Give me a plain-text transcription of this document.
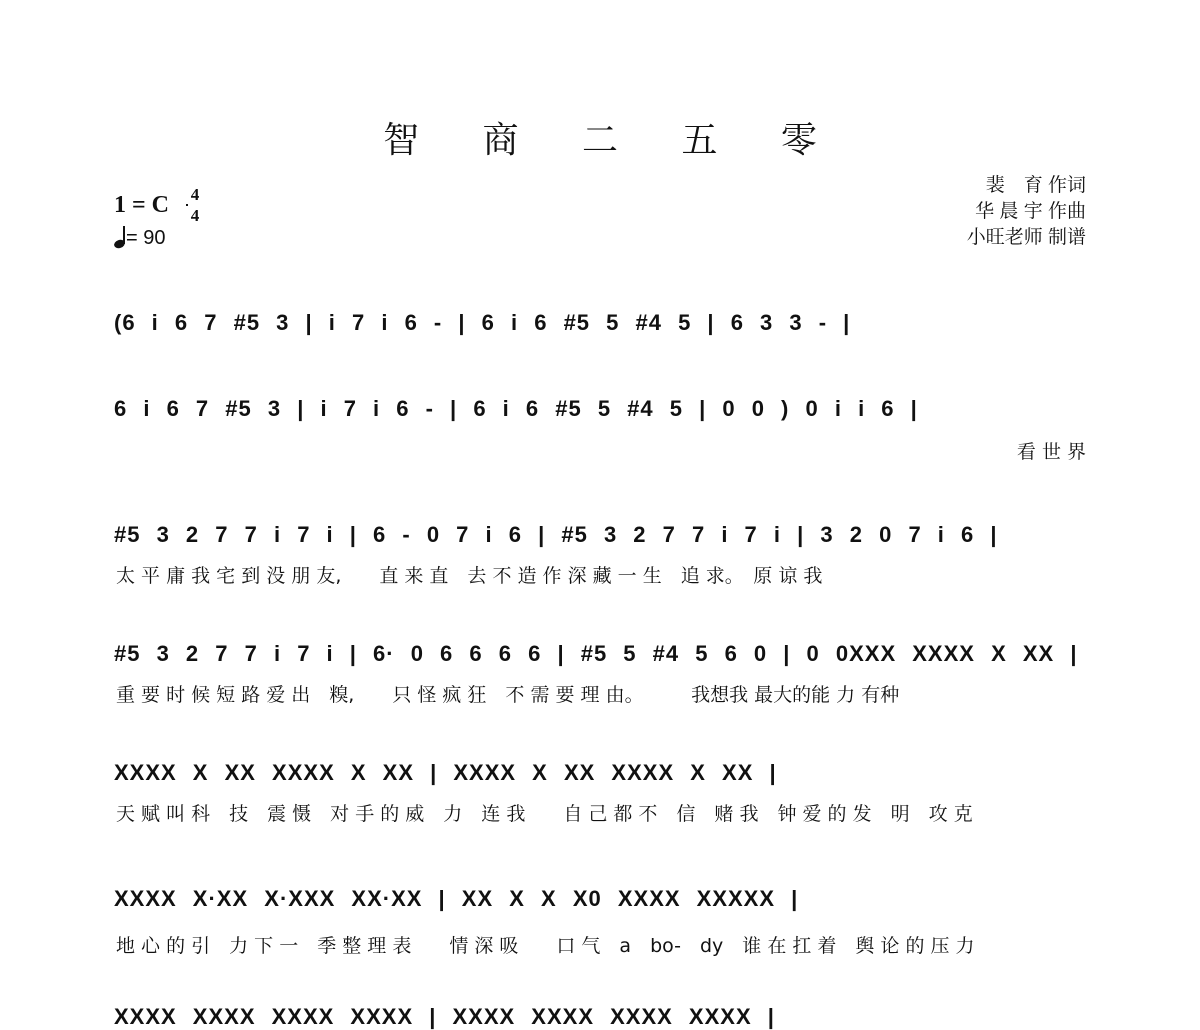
智 商 二 五 零
裴　育 作词
华 晨 宇 作曲
小旺老师 制谱
1 = C 4
4
= 90
(6 i 6 7 #5 3 | i 7 i 6 - | 6 i 6 #5 5 #4 5 | 6 3 3 - |
6 i 6 7 #5 3 | i 7 i 6 - | 6 i 6 #5 5 #4 5 | 0 0 ) 0 i i 6 |
看 世 界
#5 3 2 7 7 i 7 i | 6 - 0 7 i 6 | #5 3 2 7 7 i 7 i | 3 2 0 7 i 6 |
太 平 庸 我 宅 到 没 朋 友,　　直 来 直　去 不 造 作 深 藏 一 生　追 求。　原 谅 我
#5 3 2 7 7 i 7 i | 6· 0 6 6 6 6 | #5 5 #4 5 6 0 | 0 0XXX XXXX X XX |
重 要 时 候 短 路 爱 出　糗,　　只 怪 疯 狂　不 需 要 理 由。　　　我想我 最大的能 力 有种
XXXX X XX XXXX X XX | XXXX X XX XXXX X XX |
天 赋 叫 科　技　震 慑　对 手 的 威　力　连 我　　自 己 都 不　信　赌 我　钟 爱 的 发　明　攻 克
XXXX X·XX X·XXX XX·XX | XX X X X0 XXXX XXXXX |
地 心 的 引　力 下 一　季 整 理 表　　情 深 吸　　口 气　a　bo-　dy　谁 在 扛 着　舆 论 的 压 力
XXXX XXXX XXXX XXXX | XXXX XXXX XXXX XXXX |
